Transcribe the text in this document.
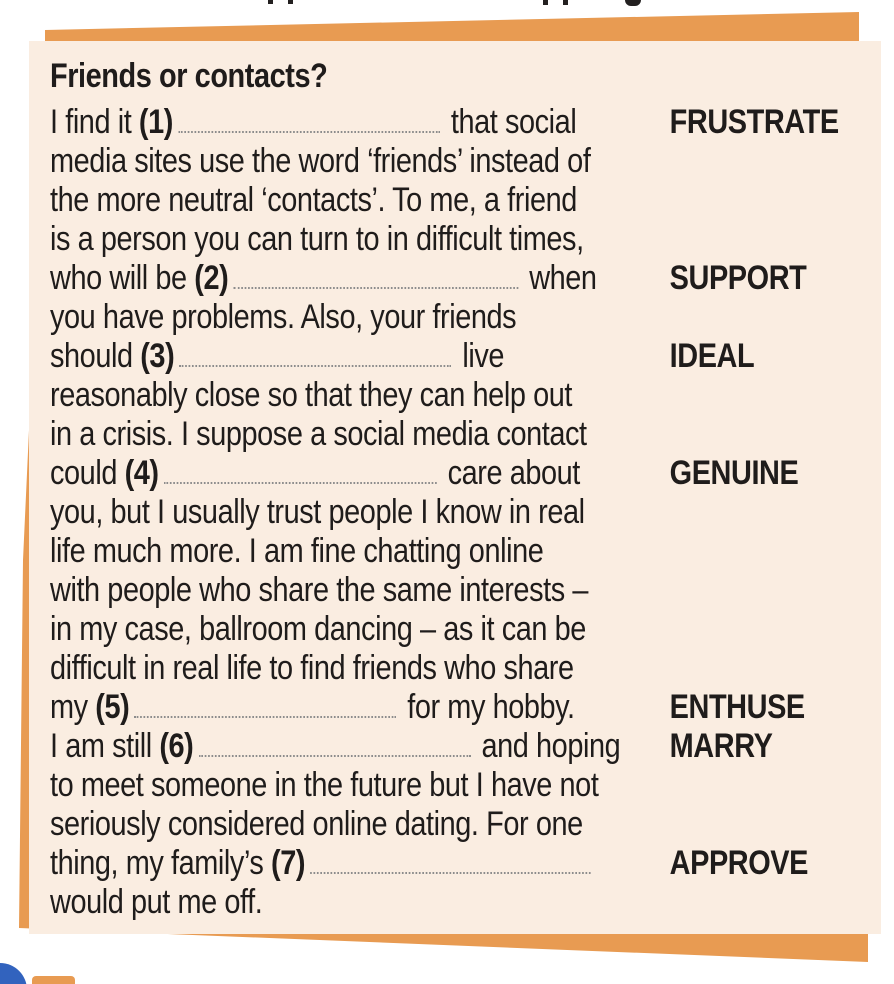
Friends or contacts?
I find it (1)	that social	FRUSTRATE
media sites use the word ‘friends’ instead of
the more neutral ‘contacts’. To me, a friend
is a person you can turn to in difficult times,
who will be (2)	when	SUPPORT
you have problems. Also, your friends
should (3)	live	IDEAL
reasonably close so that they can help out
in a crisis. I suppose a social media contact
could (4)	care about	GENUINE
you, but I usually trust people I know in real
life much more. I am fine chatting online
with people who share the same interests –
in my case, ballroom dancing – as it can be
difficult in real life to find friends who share
my (5)	for my hobby.	ENTHUSE
I am still (6)	and hoping	MARRY
to meet someone in the future but I have not
seriously considered online dating. For one
thing, my family’s (7)	APPROVE
would put me off.
